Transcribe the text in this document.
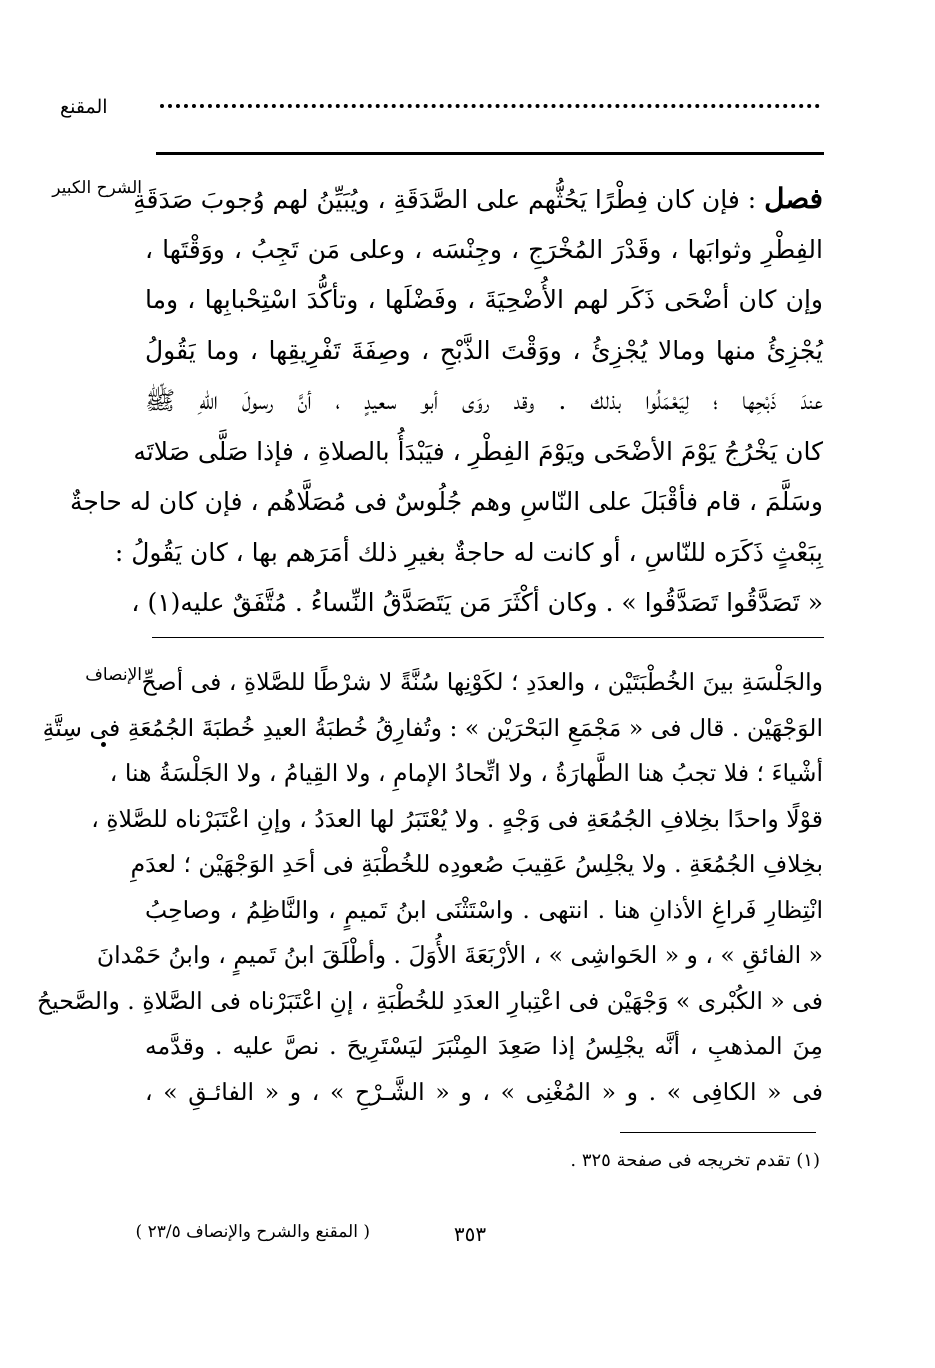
المقنع
الشرح الكبير	فصل : فإن كان فِطْرًا يَحُثُّهم على الصَّدَقَةِ ، ويُبَيِّنُ لهم وُجوبَ صَدَقَةِ
الفِطْرِ وثوابَها ، وقَدْرَ المُخْرَجِ ، وجِنْسَه ، وعلى مَن تَجِبُ ، ووَقْتَها ،
وإن كان أضْحَى ذَكَر لهم الأُضْحِيَةَ ، وفَضْلَها ، وتأكُّدَ اسْتِحْبابِها ، وما
يُجْزِئُ منها ومالا يُجْزِئُ ، ووَقْتَ الذَّبْحِ ، وصِفَةَ تَفْرِيقِها ، وما يَقُولُ
عندَ ذَبْحِها ؛ لِيَعْمَلُوا بذلك . وقد روَى أبو سعيدٍ ، أنَّ رسولَ اللهِ ﷺ
كان يَخْرُجُ يَوْمَ الأضْحَى ويَوْمَ الفِطْرِ ، فيَبْدَأُ بالصلاةِ ، فإذا صَلَّى صَلاتَه
وسَلَّمَ ، قام فأقْبَلَ على النّاسِ وهم جُلُوسٌ فى مُصَلَّاهُم ، فإن كان له حاجةٌ
بِبَعْثٍ ذَكَرَه للنّاسِ ، أو كانت له حاجةٌ بغيرِ ذلك أمَرَهم بها ، كان يَقُولُ :
« تَصَدَّقُوا تَصَدَّقُوا » . وكان أكْثَرَ مَن يَتَصَدَّقُ النِّساءُ . مُتَّفَقٌ عليه(١) ،
الإنصاف والجَلْسَةِ بينَ الخُطْبَتَيْن ، والعدَدِ ؛ لكَوْنِها سُنَّةً لا شرْطًا للصَّلاةِ ، فى أصحِّ
الوَجْهَيْن . قال فى « مَجْمَعِ البَحْرَيْن » : وتُفارِقُ خُطبَةُ العيدِ خُطبَةَ الجُمُعَةِ فى سِتَّةِ
أشْياءَ ؛ فلا تجبُ هنا الطَّهارَةُ ، ولا اتِّحادُ الإمامِ ، ولا القِيامُ ، ولا الجَلْسَةُ هنا ،
قوْلًا واحدًا بخِلافِ الجُمُعَةِ فى وَجْهٍ . ولا يُعْتَبَرُ لها العدَدُ ، وإنِ اعْتَبَرْناه للصَّلاةِ ،
بخِلافِ الجُمُعَةِ . ولا يجْلِسُ عَقِيبَ صُعودِه للخُطْبَةِ فى أحَدِ الوَجْهَيْن ؛ لعدَمِ
انْتِظارِ فَراغِ الأذانِ هنا . انتهى . واسْتَثْنَى ابنُ تَميمٍ ، والنَّاظِمُ ، وصاحِبُ
« الفائقِ » ، و « الحَواشِى » ، الأرْبَعَةَ الأُوَلَ . وأطْلَقَ ابنُ تَميمٍ ، وابنُ حَمْدانَ
فى « الكُبْرى » وَجْهَيْن فى اعْتِبارِ العدَدِ للخُطْبَةِ ، إنِ اعْتَبَرْناه فى الصَّلاةِ . والصَّحيحُ
مِنَ المذهبِ ، أنَّه يجْلِسُ إذا صَعِدَ المِنْبَرَ ليَسْتَرِيحَ . نصَّ عليه . وقدَّمه
فى « الكافِى » . و « المُغْنِى » ، و « الشَّـرْحِ » ، و « الفائـقِ » ،
(١) تقدم تخريجه فى صفحة ٣٢٥ .
٣٥٣
( المقنع والشرح والإنصاف ٢٣/٥ )
